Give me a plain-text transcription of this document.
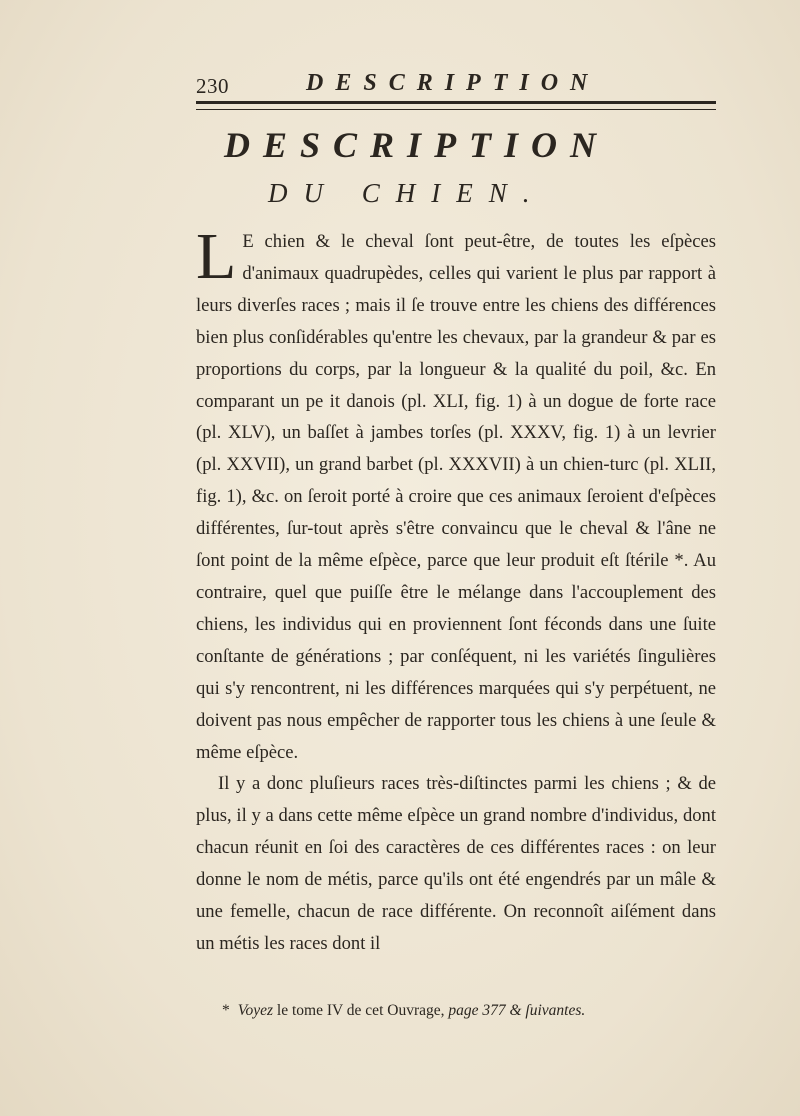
230	DESCRIPTION
DESCRIPTION
DU CHIEN.

L E chien & le cheval ſont peut-être, de toutes les eſpèces d'animaux quadrupèdes, celles qui varient le plus par rapport à leurs diverſes races ; mais il ſe trouve entre les chiens des différences bien plus conſidérables qu'entre les chevaux, par la grandeur & par es proportions du corps, par la longueur & la qualité du poil, &c. En comparant un pe it danois (pl. XLI, fig. 1) à un dogue de forte race (pl. XLV), un baſſet à jambes torſes (pl. XXXV, fig. 1) à un levrier (pl. XXVII), un grand barbet (pl. XXXVII) à un chien-turc (pl. XLII, fig. 1), &c. on ſeroit porté à croire que ces animaux ſeroient d'eſpèces différentes, ſur-tout après s'être convaincu que le cheval & l'âne ne ſont point de la même eſpèce, parce que leur produit eſt ſtérile *. Au contraire, quel que puiſſe être le mélange dans l'accouplement des chiens, les individus qui en proviennent ſont féconds dans une ſuite conſtante de générations ; par conſéquent, ni les variétés ſingulières qui s'y rencontrent, ni les différences marquées qui s'y perpétuent, ne doivent pas nous empêcher de rapporter tous les chiens à une ſeule & même eſpèce.

Il y a donc pluſieurs races très-diſtinctes parmi les chiens ; & de plus, il y a dans cette même eſpèce un grand nombre d'individus, dont chacun réunit en ſoi des caractères de ces différentes races : on leur donne le nom de métis, parce qu'ils ont été engendrés par un mâle & une femelle, chacun de race différente. On reconnoît aiſément dans un métis les races dont il

* Voyez le tome IV de cet Ouvrage, page 377 & ſuivantes.
